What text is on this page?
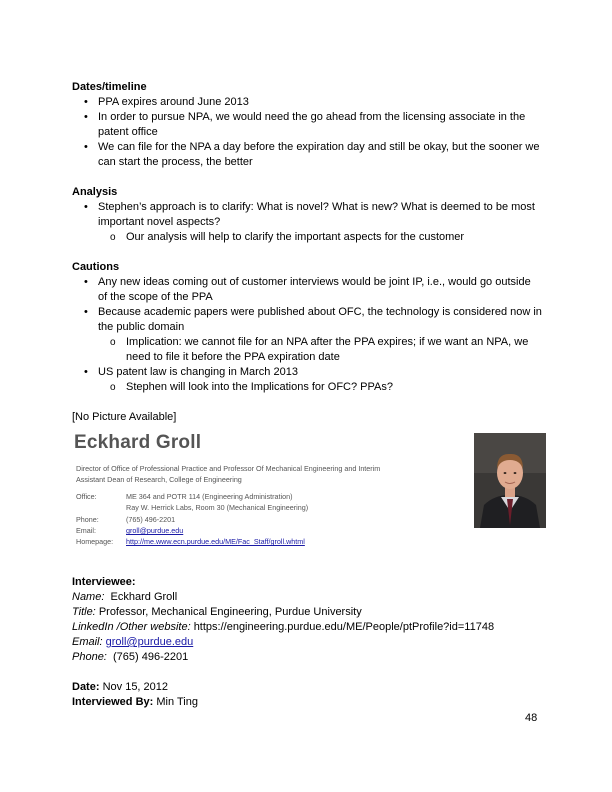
Dates/timeline

• PPA expires around June 2013
• In order to pursue NPA, we would need the go ahead from the licensing associate in the patent office
• We can file for the NPA a day before the expiration day and still be okay, but the sooner we can start the process, the better

Analysis

• Stephen’s approach is to clarify: What is novel? What is new? What is deemed to be most important novel aspects?
o Our analysis will help to clarify the important aspects for the customer

Cautions

• Any new ideas coming out of customer interviews would be joint IP, i.e., would go outside of the scope of the PPA
• Because academic papers were published about OFC, the technology is considered now in the public domain
o Implication: we cannot file for an NPA after the PPA expires; if we want an NPA, we need to file it before the PPA expiration date
• US patent law is changing in March 2013
o Stephen will look into the Implications for OFC? PPAs?

[No Picture Available]

Eckhard Groll
Director of Office of Professional Practice and Professor Of Mechanical Engineering and Interim
Assistant Dean of Research, College of Engineering
Office:	ME 364 and POTR 114 (Engineering Administration)
Ray W. Herrick Labs, Room 30 (Mechanical Engineering)
Phone:	(765) 496-2201
Email:	groll@purdue.edu
Homepage: http://me.www.ecn.purdue.edu/ME/Fac_Staff/groll.whtml

Interviewee:

Name: Eckhard Groll
Title: Professor, Mechanical Engineering, Purdue University
LinkedIn /Other website: https://engineering.purdue.edu/ME/People/ptProfile?id=11748
Email: groll@purdue.edu
Phone: (765) 496-2201
Date: Nov 15, 2012
Interviewed By: Min Ting
48
